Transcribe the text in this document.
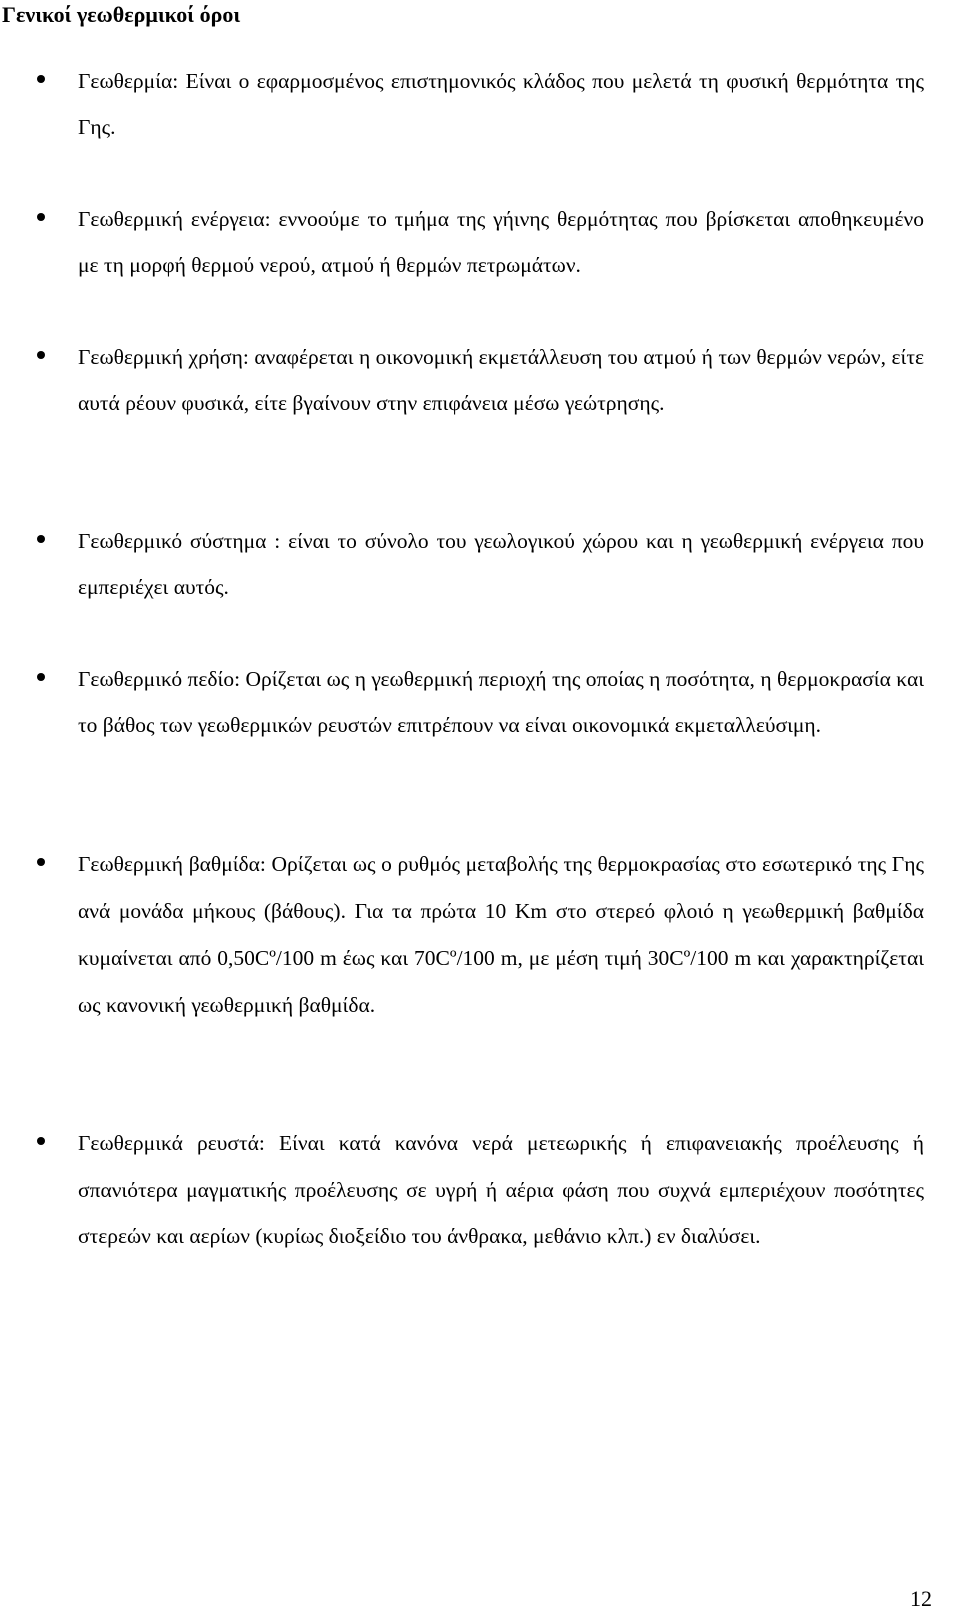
Γενικοί γεωθερμικοί όροι

Γεωθερμία: Είναι ο εφαρμοσμένος επιστημονικός κλάδος που μελετά τη φυσική θερμότητα της Γης.

Γεωθερμική ενέργεια: εννοούμε το τμήμα της γήινης θερμότητας που βρίσκεται αποθηκευμένο με τη μορφή θερμού νερού, ατμού ή θερμών πετρωμάτων.

Γεωθερμική χρήση: αναφέρεται η οικονομική εκμετάλλευση του ατμού ή των θερμών νερών, είτε αυτά ρέουν φυσικά, είτε βγαίνουν στην επιφάνεια μέσω γεώτρησης.

Γεωθερμικό σύστημα : είναι το σύνολο του γεωλογικού χώρου και η γεωθερμική ενέργεια που εμπεριέχει αυτός.

Γεωθερμικό πεδίο: Ορίζεται ως η γεωθερμική περιοχή της οποίας η ποσότητα, η θερμοκρασία και το βάθος των γεωθερμικών ρευστών επιτρέπουν να είναι οικονομικά εκμεταλλεύσιμη.

Γεωθερμική βαθμίδα: Ορίζεται ως ο ρυθμός μεταβολής της θερμοκρασίας στο εσωτερικό της Γης ανά μονάδα μήκους (βάθους). Για τα πρώτα 10 Km στο στερεό φλοιό η γεωθερμική βαθμίδα κυμαίνεται από 0,50Cº/100 m έως και 70Cº/100 m, με μέση τιμή 30Cº/100 m και χαρακτηρίζεται ως κανονική γεωθερμική βαθμίδα.

Γεωθερμικά ρευστά: Είναι κατά κανόνα νερά μετεωρικής ή επιφανειακής προέλευσης ή σπανιότερα μαγματικής προέλευσης σε υγρή ή αέρια φάση που συχνά εμπεριέχουν ποσότητες στερεών και αερίων (κυρίως διοξείδιο του άνθρακα, μεθάνιο κλπ.) εν διαλύσει.

12
